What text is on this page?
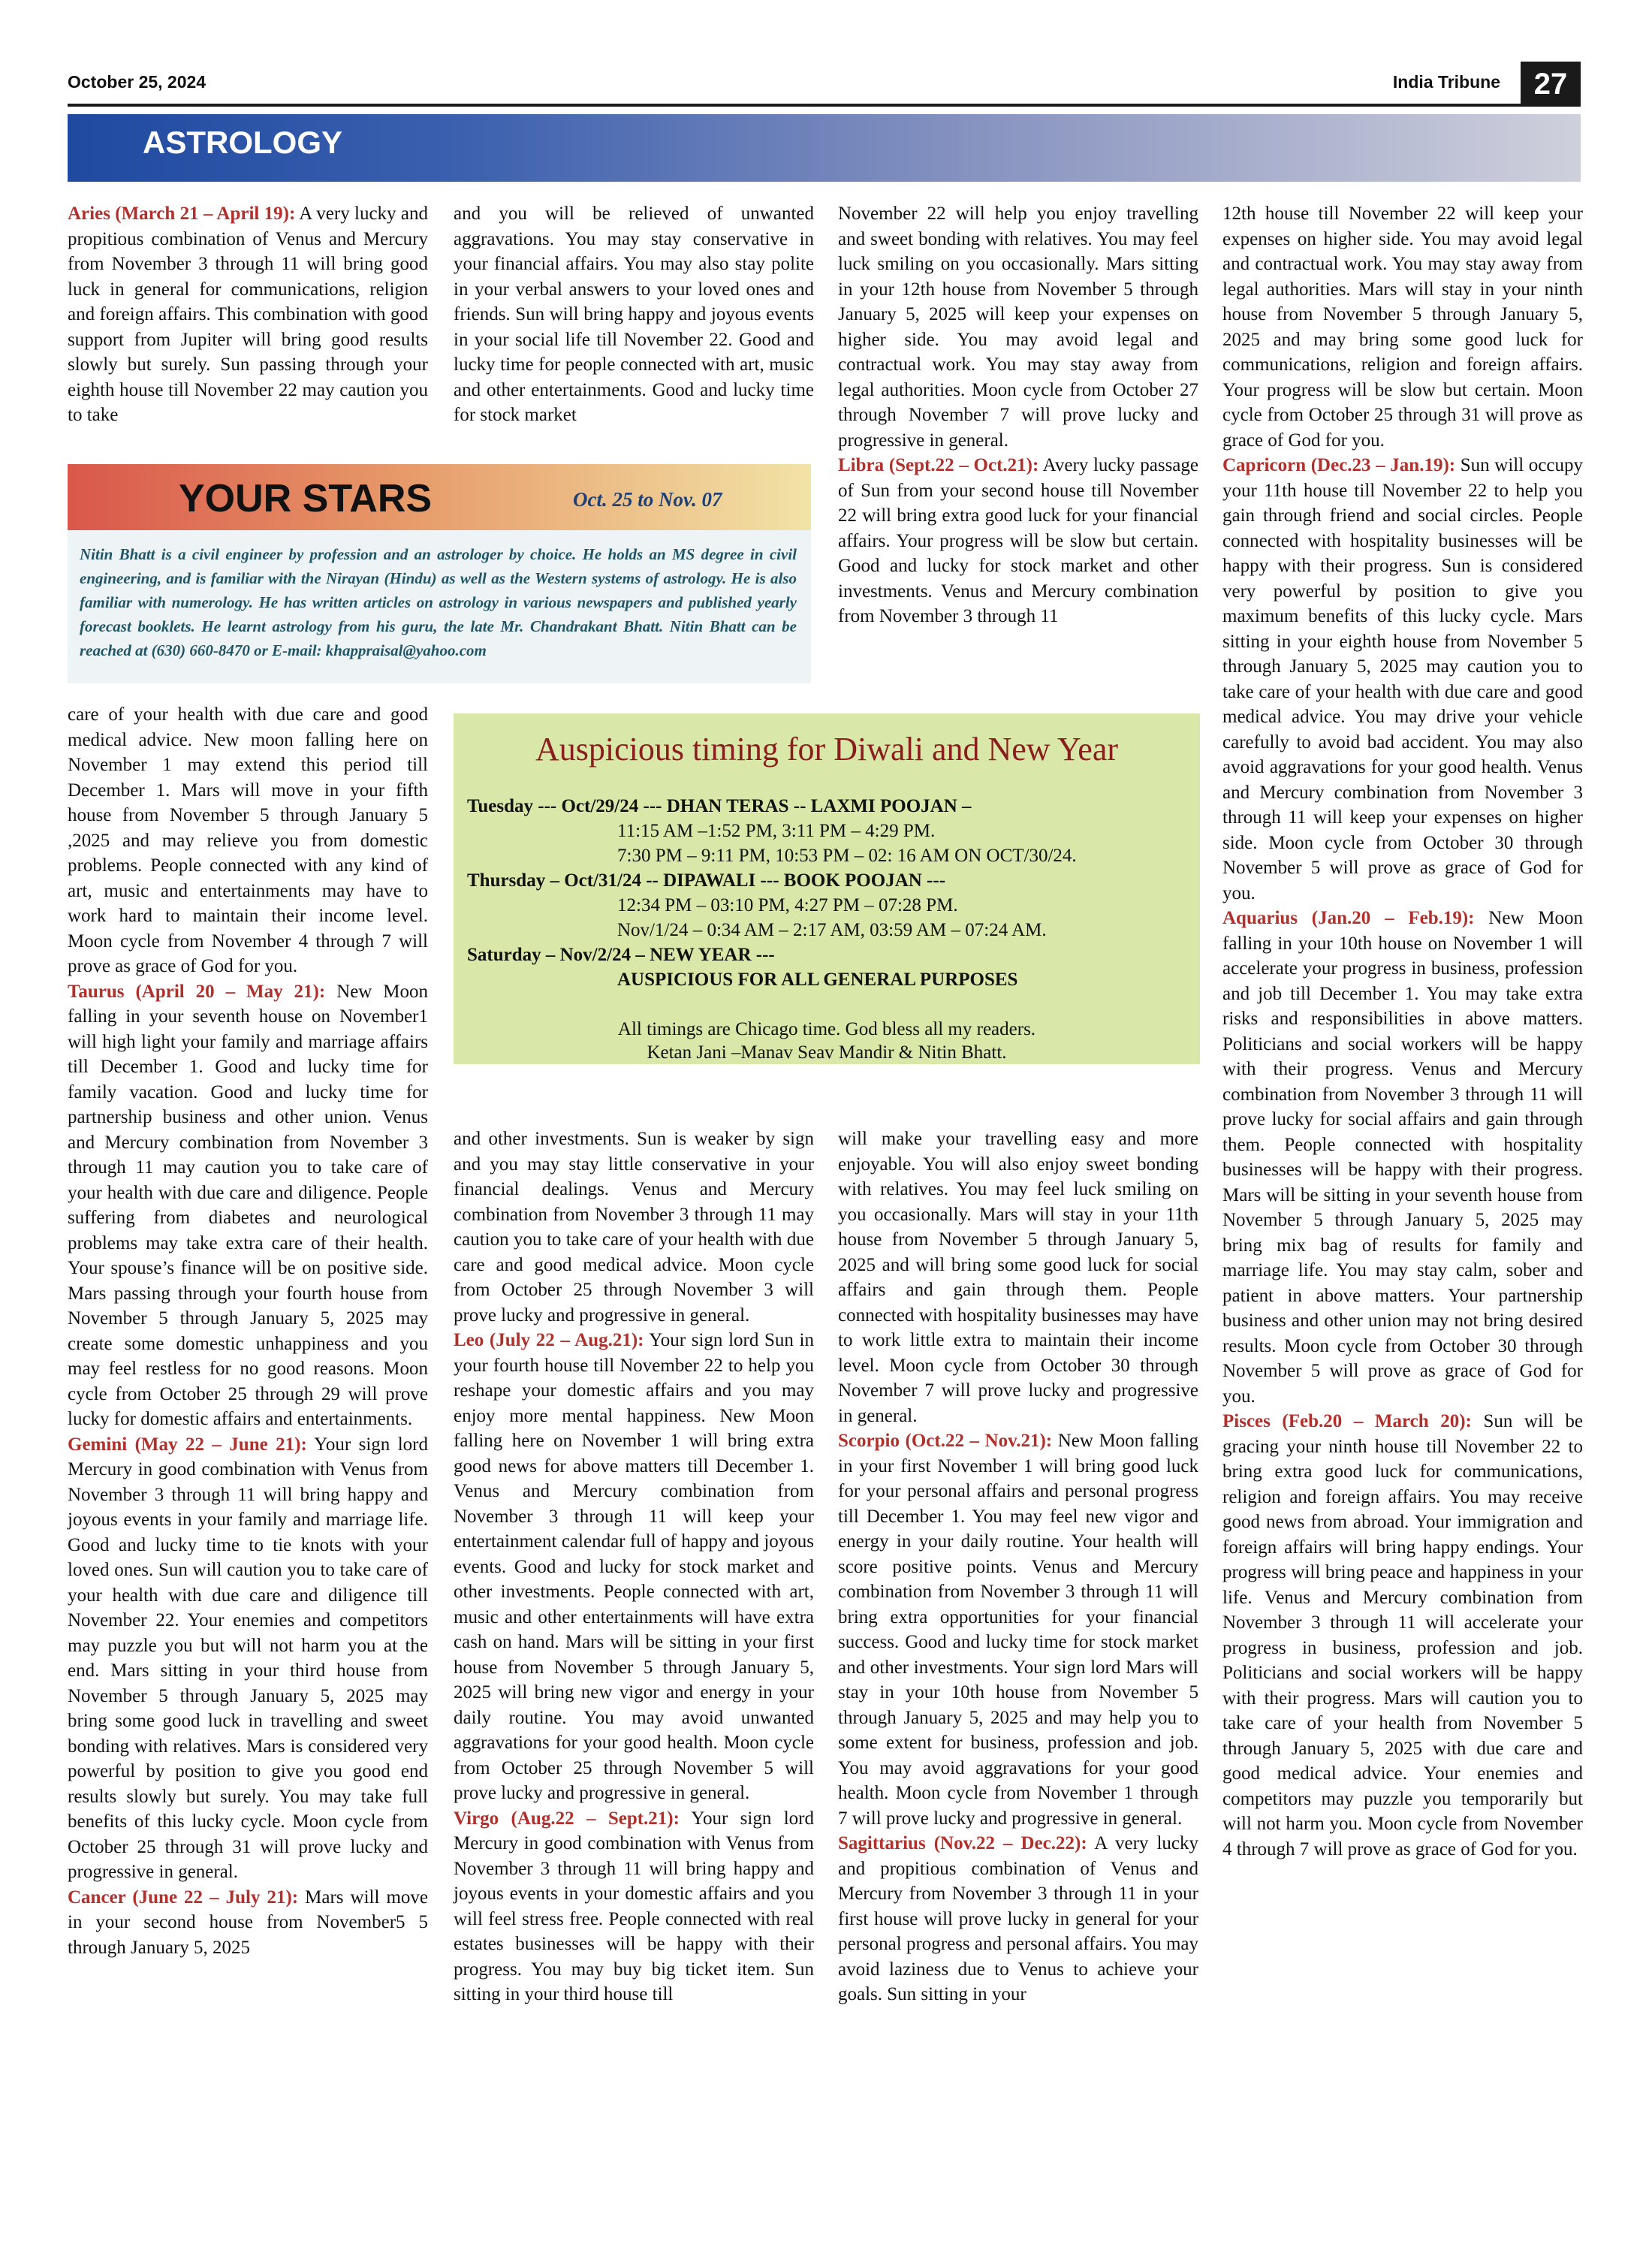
October 25, 2024	India Tribune	27
ASTROLOGY

Aries (March 21 – April 19): A very lucky and propitious combination of Venus and Mercury from November 3 through 11 will bring good luck in general for communications, religion and foreign affairs. This combination with good support from Jupiter will bring good results slowly but surely. Sun passing through your eighth house till November 22 may caution you to take

YOUR STARS	Oct. 25 to Nov. 07
Nitin Bhatt is a civil engineer by profession and an astrologer by choice. He holds an MS degree in civil engineering, and is familiar with the Nirayan (Hindu) as well as the Western systems of astrology. He is also familiar with numerology. He has written articles on astrology in various newspapers and published yearly forecast booklets. He learnt astrology from his guru, the late Mr. Chandrakant Bhatt. Nitin Bhatt can be reached at (630) 660-8470 or E-mail: khappraisal@yahoo.com

care of your health with due care and good medical advice. New moon falling here on November 1 may extend this period till December 1. Mars will move in your fifth house from November 5 through January 5 ,2025 and may relieve you from domestic problems. People connected with any kind of art, music and entertainments may have to work hard to maintain their income level. Moon cycle from November 4 through 7 will prove as grace of God for you.
Taurus (April 20 – May 21): New Moon falling in your seventh house on November1 will high light your family and marriage affairs till December 1. Good and lucky time for family vacation. Good and lucky time for partnership business and other union. Venus and Mercury combination from November 3 through 11 may caution you to take care of your health with due care and diligence. People suffering from diabetes and neurological problems may take extra care of their health. Your spouse’s finance will be on positive side. Mars passing through your fourth house from November 5 through January 5, 2025 may create some domestic unhappiness and you may feel restless for no good reasons. Moon cycle from October 25 through 29 will prove lucky for domestic affairs and entertainments.
Gemini (May 22 – June 21): Your sign lord Mercury in good combination with Venus from November 3 through 11 will bring happy and joyous events in your family and marriage life. Good and lucky time to tie knots with your loved ones. Sun will caution you to take care of your health with due care and diligence till November 22. Your enemies and competitors may puzzle you but will not harm you at the end. Mars sitting in your third house from November 5 through January 5, 2025 may bring some good luck in travelling and sweet bonding with relatives. Mars is considered very powerful by position to give you good end results slowly but surely. You may take full benefits of this lucky cycle. Moon cycle from October 25 through 31 will prove lucky and progressive in general.
Cancer (June 22 – July 21): Mars will move in your second house from November5 5 through January 5, 2025

and you will be relieved of unwanted aggravations. You may stay conservative in your financial affairs. You may also stay polite in your verbal answers to your loved ones and friends. Sun will bring happy and joyous events in your social life till November 22. Good and lucky time for people connected with art, music and other entertainments. Good and lucky time for stock market

Auspicious timing for Diwali and New Year
Tuesday --- Oct/29/24 --- DHAN TERAS -- LAXMI POOJAN –
11:15 AM –1:52 PM, 3:11 PM – 4:29 PM.
7:30 PM – 9:11 PM, 10:53 PM – 02: 16 AM ON OCT/30/24.
Thursday – Oct/31/24 -- DIPAWALI --- BOOK POOJAN ---
12:34 PM – 03:10 PM, 4:27 PM – 07:28 PM.
Nov/1/24 – 0:34 AM – 2:17 AM, 03:59 AM – 07:24 AM.
Saturday – Nov/2/24 – NEW YEAR ---
AUSPICIOUS FOR ALL GENERAL PURPOSES
All timings are Chicago time. God bless all my readers.
Ketan Jani –Manav Seav Mandir & Nitin Bhatt.

and other investments. Sun is weaker by sign and you may stay little conservative in your financial dealings. Venus and Mercury combination from November 3 through 11 may caution you to take care of your health with due care and good medical advice. Moon cycle from October 25 through November 3 will prove lucky and progressive in general.
Leo (July 22 – Aug.21): Your sign lord Sun in your fourth house till November 22 to help you reshape your domestic affairs and you may enjoy more mental happiness. New Moon falling here on November 1 will bring extra good news for above matters till December 1. Venus and Mercury combination from November 3 through 11 will keep your entertainment calendar full of happy and joyous events. Good and lucky for stock market and other investments. People connected with art, music and other entertainments will have extra cash on hand. Mars will be sitting in your first house from November 5 through January 5, 2025 will bring new vigor and energy in your daily routine. You may avoid unwanted aggravations for your good health. Moon cycle from October 25 through November 5 will prove lucky and progressive in general.
Virgo (Aug.22 – Sept.21): Your sign lord Mercury in good combination with Venus from November 3 through 11 will bring happy and joyous events in your domestic affairs and you will feel stress free. People connected with real estates businesses will be happy with their progress. You may buy big ticket item. Sun sitting in your third house till

November 22 will help you enjoy travelling and sweet bonding with relatives. You may feel luck smiling on you occasionally. Mars sitting in your 12th house from November 5 through January 5, 2025 will keep your expenses on higher side. You may avoid legal and contractual work. You may stay away from legal authorities. Moon cycle from October 27 through November 7 will prove lucky and progressive in general.
Libra (Sept.22 – Oct.21): Avery lucky passage of Sun from your second house till November 22 will bring extra good luck for your financial affairs. Your progress will be slow but certain. Good and lucky for stock market and other investments. Venus and Mercury combination from November 3 through 11

will make your travelling easy and more enjoyable. You will also enjoy sweet bonding with relatives. You may feel luck smiling on you occasionally. Mars will stay in your 11th house from November 5 through January 5, 2025 and will bring some good luck for social affairs and gain through them. People connected with hospitality businesses may have to work little extra to maintain their income level. Moon cycle from October 30 through November 7 will prove lucky and progressive in general.
Scorpio (Oct.22 – Nov.21): New Moon falling in your first November 1 will bring good luck for your personal affairs and personal progress till December 1. You may feel new vigor and energy in your daily routine. Your health will score positive points. Venus and Mercury combination from November 3 through 11 will bring extra opportunities for your financial success. Good and lucky time for stock market and other investments. Your sign lord Mars will stay in your 10th house from November 5 through January 5, 2025 and may help you to some extent for business, profession and job. You may avoid aggravations for your good health. Moon cycle from November 1 through 7 will prove lucky and progressive in general.
Sagittarius (Nov.22 – Dec.22): A very lucky and propitious combination of Venus and Mercury from November 3 through 11 in your first house will prove lucky in general for your personal progress and personal affairs. You may avoid laziness due to Venus to achieve your goals. Sun sitting in your

12th house till November 22 will keep your expenses on higher side. You may avoid legal and contractual work. You may stay away from legal authorities. Mars will stay in your ninth house from November 5 through January 5, 2025 and may bring some good luck for communications, religion and foreign affairs. Your progress will be slow but certain. Moon cycle from October 25 through 31 will prove as grace of God for you.
Capricorn (Dec.23 – Jan.19): Sun will occupy your 11th house till November 22 to help you gain through friend and social circles. People connected with hospitality businesses will be happy with their progress. Sun is considered very powerful by position to give you maximum benefits of this lucky cycle. Mars sitting in your eighth house from November 5 through January 5, 2025 may caution you to take care of your health with due care and good medical advice. You may drive your vehicle carefully to avoid bad accident. You may also avoid aggravations for your good health. Venus and Mercury combination from November 3 through 11 will keep your expenses on higher side. Moon cycle from October 30 through November 5 will prove as grace of God for you.
Aquarius (Jan.20 – Feb.19): New Moon falling in your 10th house on November 1 will accelerate your progress in business, profession and job till December 1. You may take extra risks and responsibilities in above matters. Politicians and social workers will be happy with their progress. Venus and Mercury combination from November 3 through 11 will prove lucky for social affairs and gain through them. People connected with hospitality businesses will be happy with their progress. Mars will be sitting in your seventh house from November 5 through January 5, 2025 may bring mix bag of results for family and marriage life. You may stay calm, sober and patient in above matters. Your partnership business and other union may not bring desired results. Moon cycle from October 30 through November 5 will prove as grace of God for you.
Pisces (Feb.20 – March 20): Sun will be gracing your ninth house till November 22 to bring extra good luck for communications, religion and foreign affairs. You may receive good news from abroad. Your immigration and foreign affairs will bring happy endings. Your progress will bring peace and happiness in your life. Venus and Mercury combination from November 3 through 11 will accelerate your progress in business, profession and job. Politicians and social workers will be happy with their progress. Mars will caution you to take care of your health from November 5 through January 5, 2025 with due care and good medical advice. Your enemies and competitors may puzzle you temporarily but will not harm you. Moon cycle from November 4 through 7 will prove as grace of God for you.
